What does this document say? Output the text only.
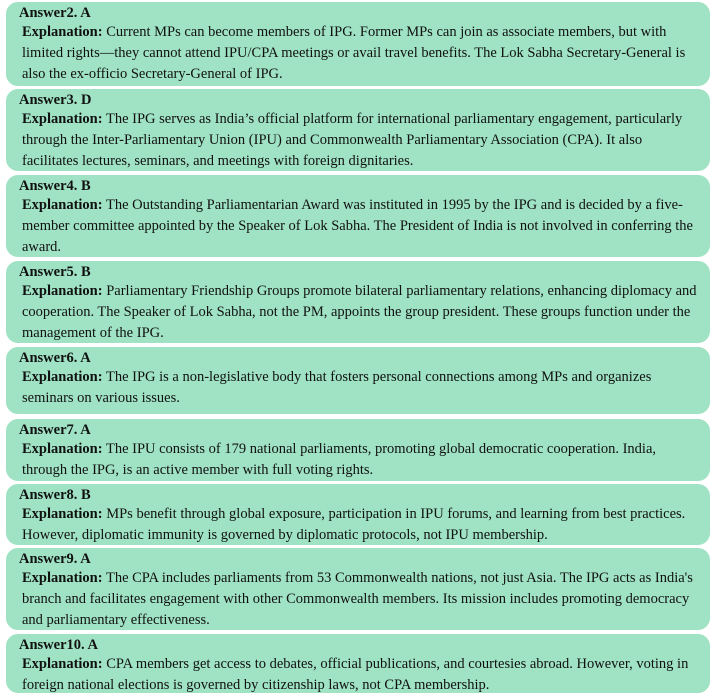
Answer2. A
Explanation: Current MPs can become members of IPG. Former MPs can join as associate members, but with limited rights—they cannot attend IPU/CPA meetings or avail travel benefits. The Lok Sabha Secretary-General is also the ex-officio Secretary-General of IPG.
Answer3. D
Explanation: The IPG serves as India’s official platform for international parliamentary engagement, particularly through the Inter-Parliamentary Union (IPU) and Commonwealth Parliamentary Association (CPA). It also facilitates lectures, seminars, and meetings with foreign dignitaries.
Answer4. B
Explanation: The Outstanding Parliamentarian Award was instituted in 1995 by the IPG and is decided by a five-member committee appointed by the Speaker of Lok Sabha. The President of India is not involved in conferring the award.
Answer5. B
Explanation: Parliamentary Friendship Groups promote bilateral parliamentary relations, enhancing diplomacy and cooperation. The Speaker of Lok Sabha, not the PM, appoints the group president. These groups function under the management of the IPG.
Answer6. A
Explanation: The IPG is a non-legislative body that fosters personal connections among MPs and organizes seminars on various issues.
Answer7. A
Explanation: The IPU consists of 179 national parliaments, promoting global democratic cooperation. India, through the IPG, is an active member with full voting rights.
Answer8. B
Explanation: MPs benefit through global exposure, participation in IPU forums, and learning from best practices. However, diplomatic immunity is governed by diplomatic protocols, not IPU membership.
Answer9. A
Explanation: The CPA includes parliaments from 53 Commonwealth nations, not just Asia. The IPG acts as India's branch and facilitates engagement with other Commonwealth members. Its mission includes promoting democracy and parliamentary effectiveness.
Answer10. A
Explanation: CPA members get access to debates, official publications, and courtesies abroad. However, voting in foreign national elections is governed by citizenship laws, not CPA membership.
